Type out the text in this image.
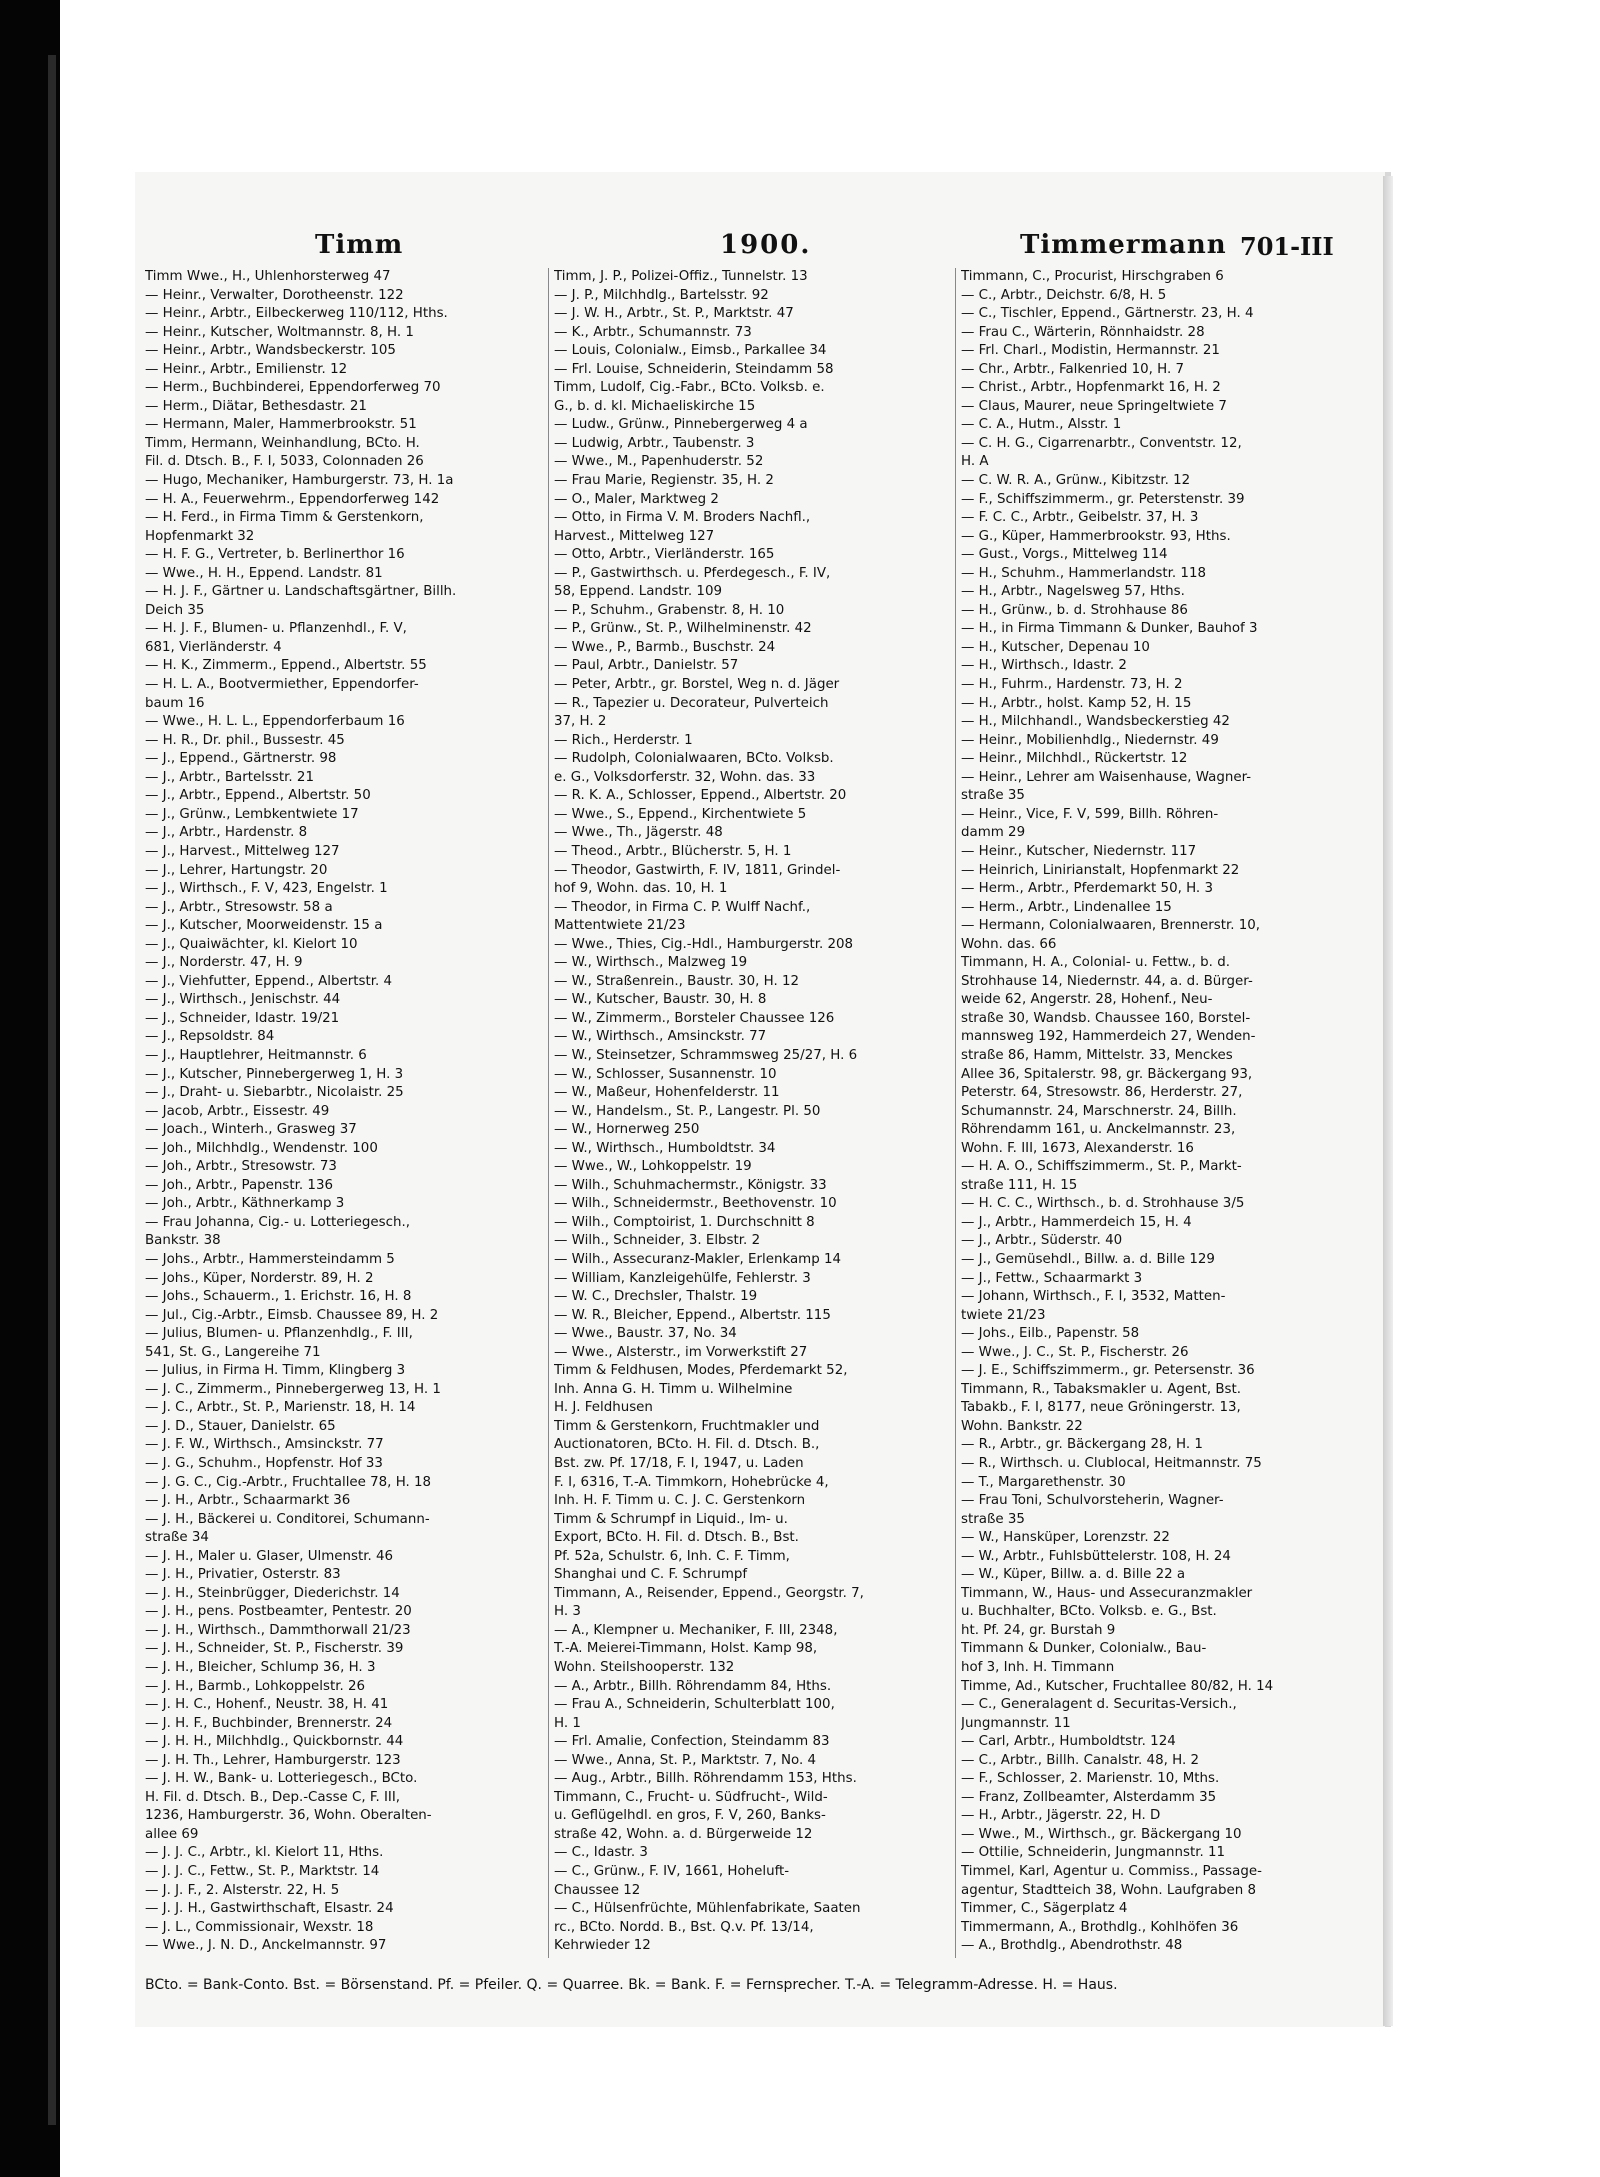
Timm	1900.	Timmermann 701-III
Timm Wwe., H., Uhlenhorsterweg 47
— Heinr., Verwalter, Dorotheenstr. 122
— Heinr., Arbtr., Eilbeckerweg 110/112, Hths.
— Heinr., Kutscher, Woltmannstr. 8, H. 1
— Heinr., Arbtr., Wandsbeckerstr. 105
— Heinr., Arbtr., Emilienstr. 12
— Herm., Buchbinderei, Eppendorferweg 70
— Herm., Diätar, Bethesdastr. 21
— Hermann, Maler, Hammerbrookstr. 51
Timm, Hermann, Weinhandlung, BCto. H.
Fil. d. Dtsch. B., F. I, 5033, Colonnaden 26
— Hugo, Mechaniker, Hamburgerstr. 73, H. 1a
— H. A., Feuerwehrm., Eppendorferweg 142
— H. Ferd., in Firma Timm & Gerstenkorn,
Hopfenmarkt 32
— H. F. G., Vertreter, b. Berlinerthor 16
— Wwe., H. H., Eppend. Landstr. 81
— H. J. F., Gärtner u. Landschaftsgärtner, Billh.
Deich 35
— H. J. F., Blumen- u. Pflanzenhdl., F. V,
681, Vierländerstr. 4
— H. K., Zimmerm., Eppend., Albertstr. 55
— H. L. A., Bootvermiether, Eppendorfer-
baum 16
— Wwe., H. L. L., Eppendorferbaum 16
— H. R., Dr. phil., Bussestr. 45
— J., Eppend., Gärtnerstr. 98
— J., Arbtr., Bartelsstr. 21
— J., Arbtr., Eppend., Albertstr. 50
— J., Grünw., Lembkentwiete 17
— J., Arbtr., Hardenstr. 8
— J., Harvest., Mittelweg 127
— J., Lehrer, Hartungstr. 20
— J., Wirthsch., F. V, 423, Engelstr. 1
— J., Arbtr., Stresowstr. 58 a
— J., Kutscher, Moorweidenstr. 15 a
— J., Quaiwächter, kl. Kielort 10
— J., Norderstr. 47, H. 9
— J., Viehfutter, Eppend., Albertstr. 4
— J., Wirthsch., Jenischstr. 44
— J., Schneider, Idastr. 19/21
— J., Repsoldstr. 84
— J., Hauptlehrer, Heitmannstr. 6
— J., Kutscher, Pinnebergerweg 1, H. 3
— J., Draht- u. Siebarbtr., Nicolaistr. 25
— Jacob, Arbtr., Eissestr. 49
— Joach., Winterh., Grasweg 37
— Joh., Milchhdlg., Wendenstr. 100
— Joh., Arbtr., Stresowstr. 73
— Joh., Arbtr., Papenstr. 136
— Joh., Arbtr., Käthnerkamp 3
— Frau Johanna, Cig.- u. Lotteriegesch.,
Bankstr. 38
— Johs., Arbtr., Hammersteindamm 5
— Johs., Küper, Norderstr. 89, H. 2
— Johs., Schauerm., 1. Erichstr. 16, H. 8
— Jul., Cig.-Arbtr., Eimsb. Chaussee 89, H. 2
— Julius, Blumen- u. Pflanzenhdlg., F. III,
541, St. G., Langereihe 71
— Julius, in Firma H. Timm, Klingberg 3
— J. C., Zimmerm., Pinnebergerweg 13, H. 1
— J. C., Arbtr., St. P., Marienstr. 18, H. 14
— J. D., Stauer, Danielstr. 65
— J. F. W., Wirthsch., Amsinckstr. 77
— J. G., Schuhm., Hopfenstr. Hof 33
— J. G. C., Cig.-Arbtr., Fruchtallee 78, H. 18
— J. H., Arbtr., Schaarmarkt 36
— J. H., Bäckerei u. Conditorei, Schumann-
straße 34
— J. H., Maler u. Glaser, Ulmenstr. 46
— J. H., Privatier, Osterstr. 83
— J. H., Steinbrügger, Diederichstr. 14
— J. H., pens. Postbeamter, Pentestr. 20
— J. H., Wirthsch., Dammthorwall 21/23
— J. H., Schneider, St. P., Fischerstr. 39
— J. H., Bleicher, Schlump 36, H. 3
— J. H., Barmb., Lohkoppelstr. 26
— J. H. C., Hohenf., Neustr. 38, H. 41
— J. H. F., Buchbinder, Brennerstr. 24
— J. H. H., Milchhdlg., Quickbornstr. 44
— J. H. Th., Lehrer, Hamburgerstr. 123
— J. H. W., Bank- u. Lotteriegesch., BCto.
H. Fil. d. Dtsch. B., Dep.-Casse C, F. III,
1236, Hamburgerstr. 36, Wohn. Oberalten-
allee 69
— J. J. C., Arbtr., kl. Kielort 11, Hths.
— J. J. C., Fettw., St. P., Marktstr. 14
— J. J. F., 2. Alsterstr. 22, H. 5
— J. J. H., Gastwirthschaft, Elsastr. 24
— J. L., Commissionair, Wexstr. 18
— Wwe., J. N. D., Anckelmannstr. 97
Timm, J. P., Polizei-Offiz., Tunnelstr. 13
— J. P., Milchhdlg., Bartelsstr. 92
— J. W. H., Arbtr., St. P., Marktstr. 47
— K., Arbtr., Schumannstr. 73
— Louis, Colonialw., Eimsb., Parkallee 34
— Frl. Louise, Schneiderin, Steindamm 58
Timm, Ludolf, Cig.-Fabr., BCto. Volksb. e.
G., b. d. kl. Michaeliskirche 15
— Ludw., Grünw., Pinnebergerweg 4 a
— Ludwig, Arbtr., Taubenstr. 3
— Wwe., M., Papenhuderstr. 52
— Frau Marie, Regienstr. 35, H. 2
— O., Maler, Marktweg 2
— Otto, in Firma V. M. Broders Nachfl.,
Harvest., Mittelweg 127
— Otto, Arbtr., Vierländerstr. 165
— P., Gastwirthsch. u. Pferdegesch., F. IV,
58, Eppend. Landstr. 109
— P., Schuhm., Grabenstr. 8, H. 10
— P., Grünw., St. P., Wilhelminenstr. 42
— Wwe., P., Barmb., Buschstr. 24
— Paul, Arbtr., Danielstr. 57
— Peter, Arbtr., gr. Borstel, Weg n. d. Jäger
— R., Tapezier u. Decorateur, Pulverteich
37, H. 2
— Rich., Herderstr. 1
— Rudolph, Colonialwaaren, BCto. Volksb.
e. G., Volksdorferstr. 32, Wohn. das. 33
— R. K. A., Schlosser, Eppend., Albertstr. 20
— Wwe., S., Eppend., Kirchentwiete 5
— Wwe., Th., Jägerstr. 48
— Theod., Arbtr., Blücherstr. 5, H. 1
— Theodor, Gastwirth, F. IV, 1811, Grindel-
hof 9, Wohn. das. 10, H. 1
— Theodor, in Firma C. P. Wulff Nachf.,
Mattentwiete 21/23
— Wwe., Thies, Cig.-Hdl., Hamburgerstr. 208
— W., Wirthsch., Malzweg 19
— W., Straßenrein., Baustr. 30, H. 12
— W., Kutscher, Baustr. 30, H. 8
— W., Zimmerm., Borsteler Chaussee 126
— W., Wirthsch., Amsinckstr. 77
— W., Steinsetzer, Schrammsweg 25/27, H. 6
— W., Schlosser, Susannenstr. 10
— W., Maßeur, Hohenfelderstr. 11
— W., Handelsm., St. P., Langestr. Pl. 50
— W., Hornerweg 250
— W., Wirthsch., Humboldtstr. 34
— Wwe., W., Lohkoppelstr. 19
— Wilh., Schuhmachermstr., Königstr. 33
— Wilh., Schneidermstr., Beethovenstr. 10
— Wilh., Comptoirist, 1. Durchschnitt 8
— Wilh., Schneider, 3. Elbstr. 2
— Wilh., Assecuranz-Makler, Erlenkamp 14
— William, Kanzleigehülfe, Fehlerstr. 3
— W. C., Drechsler, Thalstr. 19
— W. R., Bleicher, Eppend., Albertstr. 115
— Wwe., Baustr. 37, No. 34
— Wwe., Alsterstr., im Vorwerkstift 27
Timm & Feldhusen, Modes, Pferdemarkt 52,
Inh. Anna G. H. Timm u. Wilhelmine
H. J. Feldhusen
Timm & Gerstenkorn, Fruchtmakler und
Auctionatoren, BCto. H. Fil. d. Dtsch. B.,
Bst. zw. Pf. 17/18, F. I, 1947, u. Laden
F. I, 6316, T.-A. Timmkorn, Hohebrücke 4,
Inh. H. F. Timm u. C. J. C. Gerstenkorn
Timm & Schrumpf in Liquid., Im- u.
Export, BCto. H. Fil. d. Dtsch. B., Bst.
Pf. 52a, Schulstr. 6, Inh. C. F. Timm,
Shanghai und C. F. Schrumpf
Timmann, A., Reisender, Eppend., Georgstr. 7,
H. 3
— A., Klempner u. Mechaniker, F. III, 2348,
T.-A. Meierei-Timmann, Holst. Kamp 98,
Wohn. Steilshooperstr. 132
— A., Arbtr., Billh. Röhrendamm 84, Hths.
— Frau A., Schneiderin, Schulterblatt 100,
H. 1
— Frl. Amalie, Confection, Steindamm 83
— Wwe., Anna, St. P., Marktstr. 7, No. 4
— Aug., Arbtr., Billh. Röhrendamm 153, Hths.
Timmann, C., Frucht- u. Südfrucht-, Wild-
u. Geflügelhdl. en gros, F. V, 260, Banks-
straße 42, Wohn. a. d. Bürgerweide 12
— C., Idastr. 3
— C., Grünw., F. IV, 1661, Hoheluft-
Chaussee 12
— C., Hülsenfrüchte, Mühlenfabrikate, Saaten
rc., BCto. Nordd. B., Bst. Q.v. Pf. 13/14,
Kehrwieder 12
Timmann, C., Procurist, Hirschgraben 6
— C., Arbtr., Deichstr. 6/8, H. 5
— C., Tischler, Eppend., Gärtnerstr. 23, H. 4
— Frau C., Wärterin, Rönnhaidstr. 28
— Frl. Charl., Modistin, Hermannstr. 21
— Chr., Arbtr., Falkenried 10, H. 7
— Christ., Arbtr., Hopfenmarkt 16, H. 2
— Claus, Maurer, neue Springeltwiete 7
— C. A., Hutm., Alsstr. 1
— C. H. G., Cigarrenarbtr., Conventstr. 12,
H. A
— C. W. R. A., Grünw., Kibitzstr. 12
— F., Schiffszimmerm., gr. Peterstenstr. 39
— F. C. C., Arbtr., Geibelstr. 37, H. 3
— G., Küper, Hammerbrookstr. 93, Hths.
— Gust., Vorgs., Mittelweg 114
— H., Schuhm., Hammerlandstr. 118
— H., Arbtr., Nagelsweg 57, Hths.
— H., Grünw., b. d. Strohhause 86
— H., in Firma Timmann & Dunker, Bauhof 3
— H., Kutscher, Depenau 10
— H., Wirthsch., Idastr. 2
— H., Fuhrm., Hardenstr. 73, H. 2
— H., Arbtr., holst. Kamp 52, H. 15
— H., Milchhandl., Wandsbeckerstieg 42
— Heinr., Mobilienhdlg., Niedernstr. 49
— Heinr., Milchhdl., Rückertstr. 12
— Heinr., Lehrer am Waisenhause, Wagner-
straße 35
— Heinr., Vice, F. V, 599, Billh. Röhren-
damm 29
— Heinr., Kutscher, Niedernstr. 117
— Heinrich, Linirianstalt, Hopfenmarkt 22
— Herm., Arbtr., Pferdemarkt 50, H. 3
— Herm., Arbtr., Lindenallee 15
— Hermann, Colonialwaaren, Brennerstr. 10,
Wohn. das. 66
Timmann, H. A., Colonial- u. Fettw., b. d.
Strohhause 14, Niedernstr. 44, a. d. Bürger-
weide 62, Angerstr. 28, Hohenf., Neu-
straße 30, Wandsb. Chaussee 160, Borstel-
mannsweg 192, Hammerdeich 27, Wenden-
straße 86, Hamm, Mittelstr. 33, Menckes
Allee 36, Spitalerstr. 98, gr. Bäckergang 93,
Peterstr. 64, Stresowstr. 86, Herderstr. 27,
Schumannstr. 24, Marschnerstr. 24, Billh.
Röhrendamm 161, u. Anckelmannstr. 23,
Wohn. F. III, 1673, Alexanderstr. 16
— H. A. O., Schiffszimmerm., St. P., Markt-
straße 111, H. 15
— H. C. C., Wirthsch., b. d. Strohhause 3/5
— J., Arbtr., Hammerdeich 15, H. 4
— J., Arbtr., Süderstr. 40
— J., Gemüsehdl., Billw. a. d. Bille 129
— J., Fettw., Schaarmarkt 3
— Johann, Wirthsch., F. I, 3532, Matten-
twiete 21/23
— Johs., Eilb., Papenstr. 58
— Wwe., J. C., St. P., Fischerstr. 26
— J. E., Schiffszimmerm., gr. Petersenstr. 36
Timmann, R., Tabaksmakler u. Agent, Bst.
Tabakb., F. I, 8177, neue Gröningerstr. 13,
Wohn. Bankstr. 22
— R., Arbtr., gr. Bäckergang 28, H. 1
— R., Wirthsch. u. Clublocal, Heitmannstr. 75
— T., Margarethenstr. 30
— Frau Toni, Schulvorsteherin, Wagner-
straße 35
— W., Hansküper, Lorenzstr. 22
— W., Arbtr., Fuhlsbüttelerstr. 108, H. 24
— W., Küper, Billw. a. d. Bille 22 a
Timmann, W., Haus- und Assecuranzmakler
u. Buchhalter, BCto. Volksb. e. G., Bst.
ht. Pf. 24, gr. Burstah 9
Timmann & Dunker, Colonialw., Bau-
hof 3, Inh. H. Timmann
Timme, Ad., Kutscher, Fruchtallee 80/82, H. 14
— C., Generalagent d. Securitas-Versich.,
Jungmannstr. 11
— Carl, Arbtr., Humboldtstr. 124
— C., Arbtr., Billh. Canalstr. 48, H. 2
— F., Schlosser, 2. Marienstr. 10, Mths.
— Franz, Zollbeamter, Alsterdamm 35
— H., Arbtr., Jägerstr. 22, H. D
— Wwe., M., Wirthsch., gr. Bäckergang 10
— Ottilie, Schneiderin, Jungmannstr. 11
Timmel, Karl, Agentur u. Commiss., Passage-
agentur, Stadtteich 38, Wohn. Laufgraben 8
Timmer, C., Sägerplatz 4
Timmermann, A., Brothdlg., Kohlhöfen 36
— A., Brothdlg., Abendrothstr. 48
BCto. = Bank-Conto. Bst. = Börsenstand. Pf. = Pfeiler. Q. = Quarree. Bk. = Bank. F. = Fernsprecher. T.-A. = Telegramm-Adresse. H. = Haus.
